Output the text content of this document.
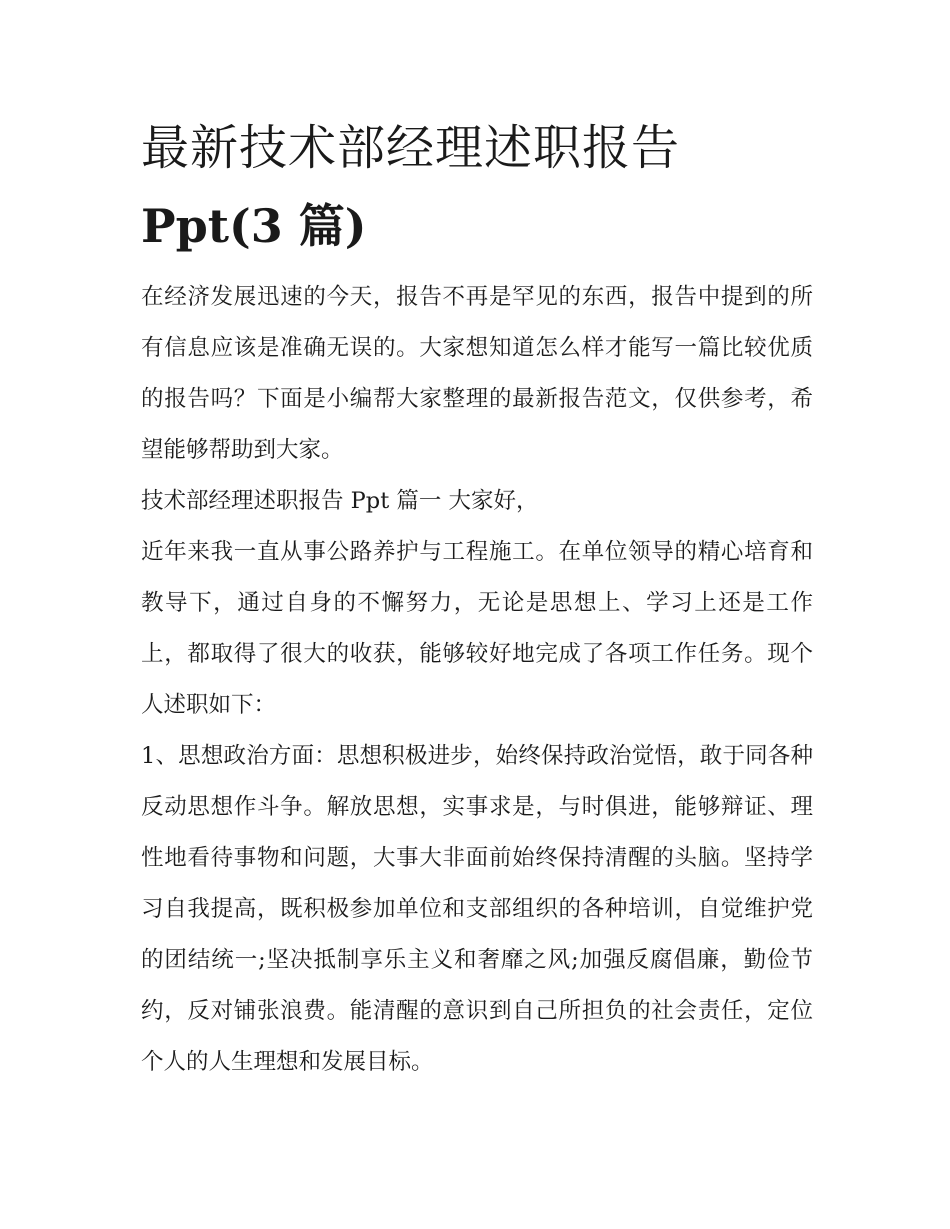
最新技术部经理述职报告
Ppt(3 篇)

在经济发展迅速的今天，报告不再是罕见的东西，报告中提到的所有信息应该是准确无误的。大家想知道怎么样才能写一篇比较优质的报告吗？下面是小编帮大家整理的最新报告范文，仅供参考，希望能够帮助到大家。

技术部经理述职报告 Ppt 篇一 大家好，

近年来我一直从事公路养护与工程施工。在单位领导的精心培育和教导下，通过自身的不懈努力，无论是思想上、学习上还是工作上，都取得了很大的收获，能够较好地完成了各项工作任务。现个人述职如下：

1、思想政治方面：思想积极进步，始终保持政治觉悟，敢于同各种反动思想作斗争。解放思想，实事求是，与时俱进，能够辩证、理性地看待事物和问题，大事大非面前始终保持清醒的头脑。坚持学习自我提高，既积极参加单位和支部组织的各种培训，自觉维护党的团结统一;坚决抵制享乐主义和奢靡之风;加强反腐倡廉，勤俭节约，反对铺张浪费。能清醒的意识到自己所担负的社会责任，定位个人的人生理想和发展目标。
